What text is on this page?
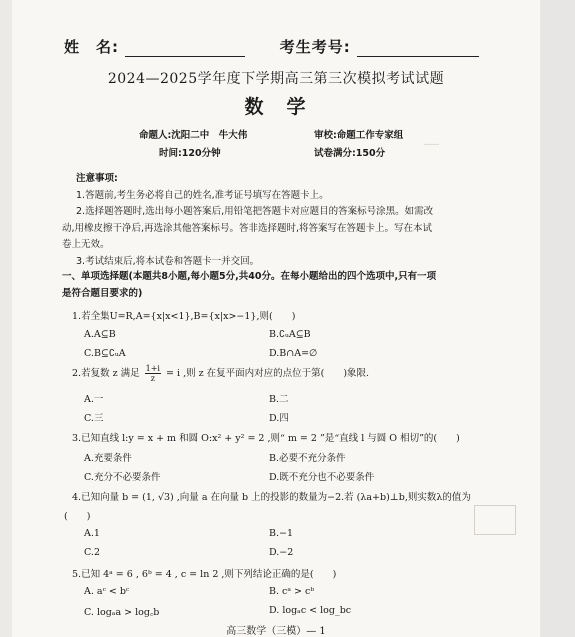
-----
姓　名:	考生考号:
2024—2025学年度下学期高三第三次模拟考试试题
数　学
命题人:沈阳二中　牛大伟	审校:命题工作专家组
时间:120分钟	试卷满分:150分
注意事项:
1.答题前,考生务必将自己的姓名,准考证号填写在答题卡上。
2.选择题答题时,选出每小题答案后,用铅笔把答题卡对应题目的答案标号涂黑。如需改
动,用橡皮擦干净后,再选涂其他答案标号。答非选择题时,将答案写在答题卡上。写在本试
卷上无效。
3.考试结束后,将本试卷和答题卡一并交回。
一、单项选择题(本题共8小题,每小题5分,共40分。在每小题给出的四个选项中,只有一项
是符合题目要求的)
1.若全集U=R,A={x|x<1},B={x|x>−1},则(　　)
A.A⊆B	B.∁ᵤA⊆B
C.B⊆∁ᵤA	D.B∩A=∅
2.若复数 z 满足 $\frac{1+i}{z} = i$ ,则 z 在复平面内对应的点位于第(　　)象限.
A.一	B.二
C.三	D.四
3.已知直线 l:y = x + m 和圆 O:x² + y² = 2 ,则“ m = 2 ”是“直线 l 与圆 O 相切”的(　　)
A.充要条件	B.必要不充分条件
C.充分不必要条件	D.既不充分也不必要条件
4.已知向量 b = (1, √3) ,向量 a 在向量 b 上的投影的数量为−2.若 (λa+b)⊥b,则实数λ的值为
(　　)
A.1	B.−1
C.2	D.−2
5.已知 4ᵃ = 6 , 6ᵇ = 4 , c = ln 2 ,则下列结论正确的是(　　)
A. aᶜ < bᶜ	B. cᵃ > cᵇ
C. logₐa > log꜀b	D. logₐc < log_bc
高三数学（三模）— 1
